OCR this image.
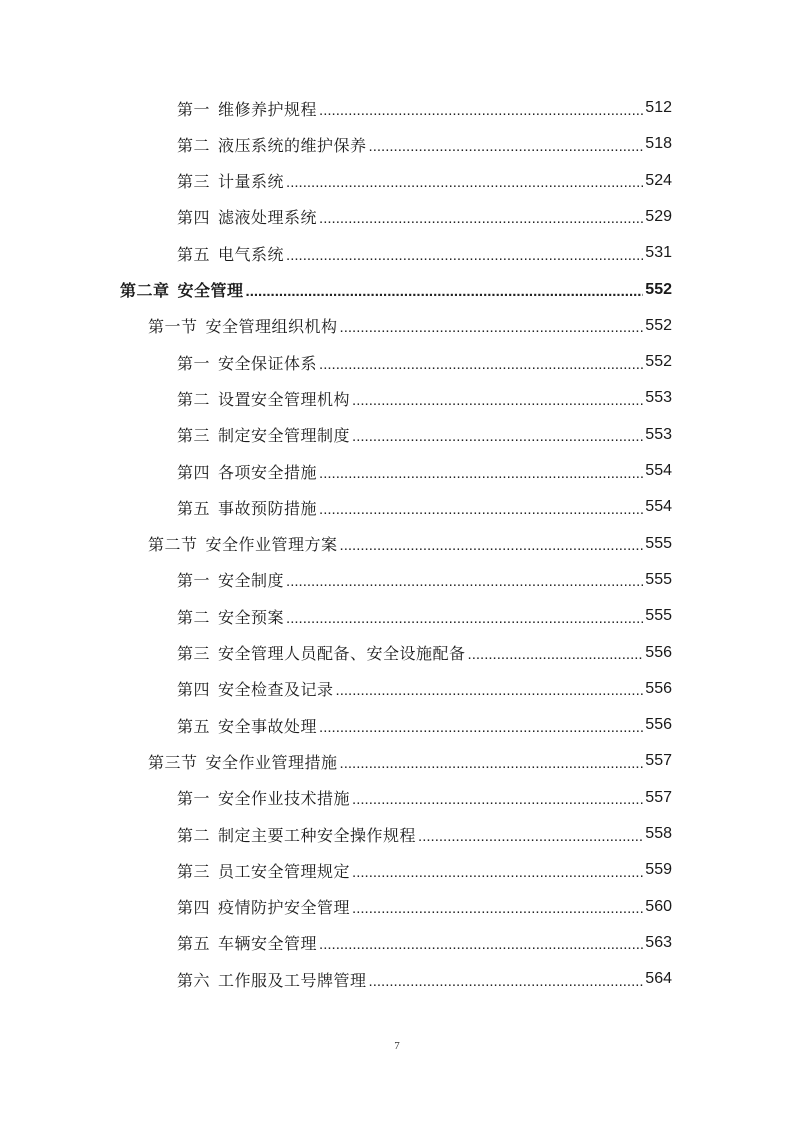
第一 维修养护规程 .....	512
第二 液压系统的维护保养 .....	518
第三 计量系统 .....	524
第四 滤液处理系统 .....	529
第五 电气系统 .....	531
第二章 安全管理 .....	552
第一节 安全管理组织机构 .....	552
第一 安全保证体系 .....	552
第二 设置安全管理机构 .....	553
第三 制定安全管理制度 .....	553
第四 各项安全措施 .....	554
第五 事故预防措施 .....	554
第二节 安全作业管理方案 .....	555
第一 安全制度 .....	555
第二 安全预案 .....	555
第三 安全管理人员配备、安全设施配备 .....	556
第四 安全检查及记录 .....	556
第五 安全事故处理 .....	556
第三节 安全作业管理措施 .....	557
第一 安全作业技术措施 .....	557
第二 制定主要工种安全操作规程 .....	558
第三 员工安全管理规定 .....	559
第四 疫情防护安全管理 .....	560
第五 车辆安全管理 .....	563
第六 工作服及工号牌管理 .....	564
7
